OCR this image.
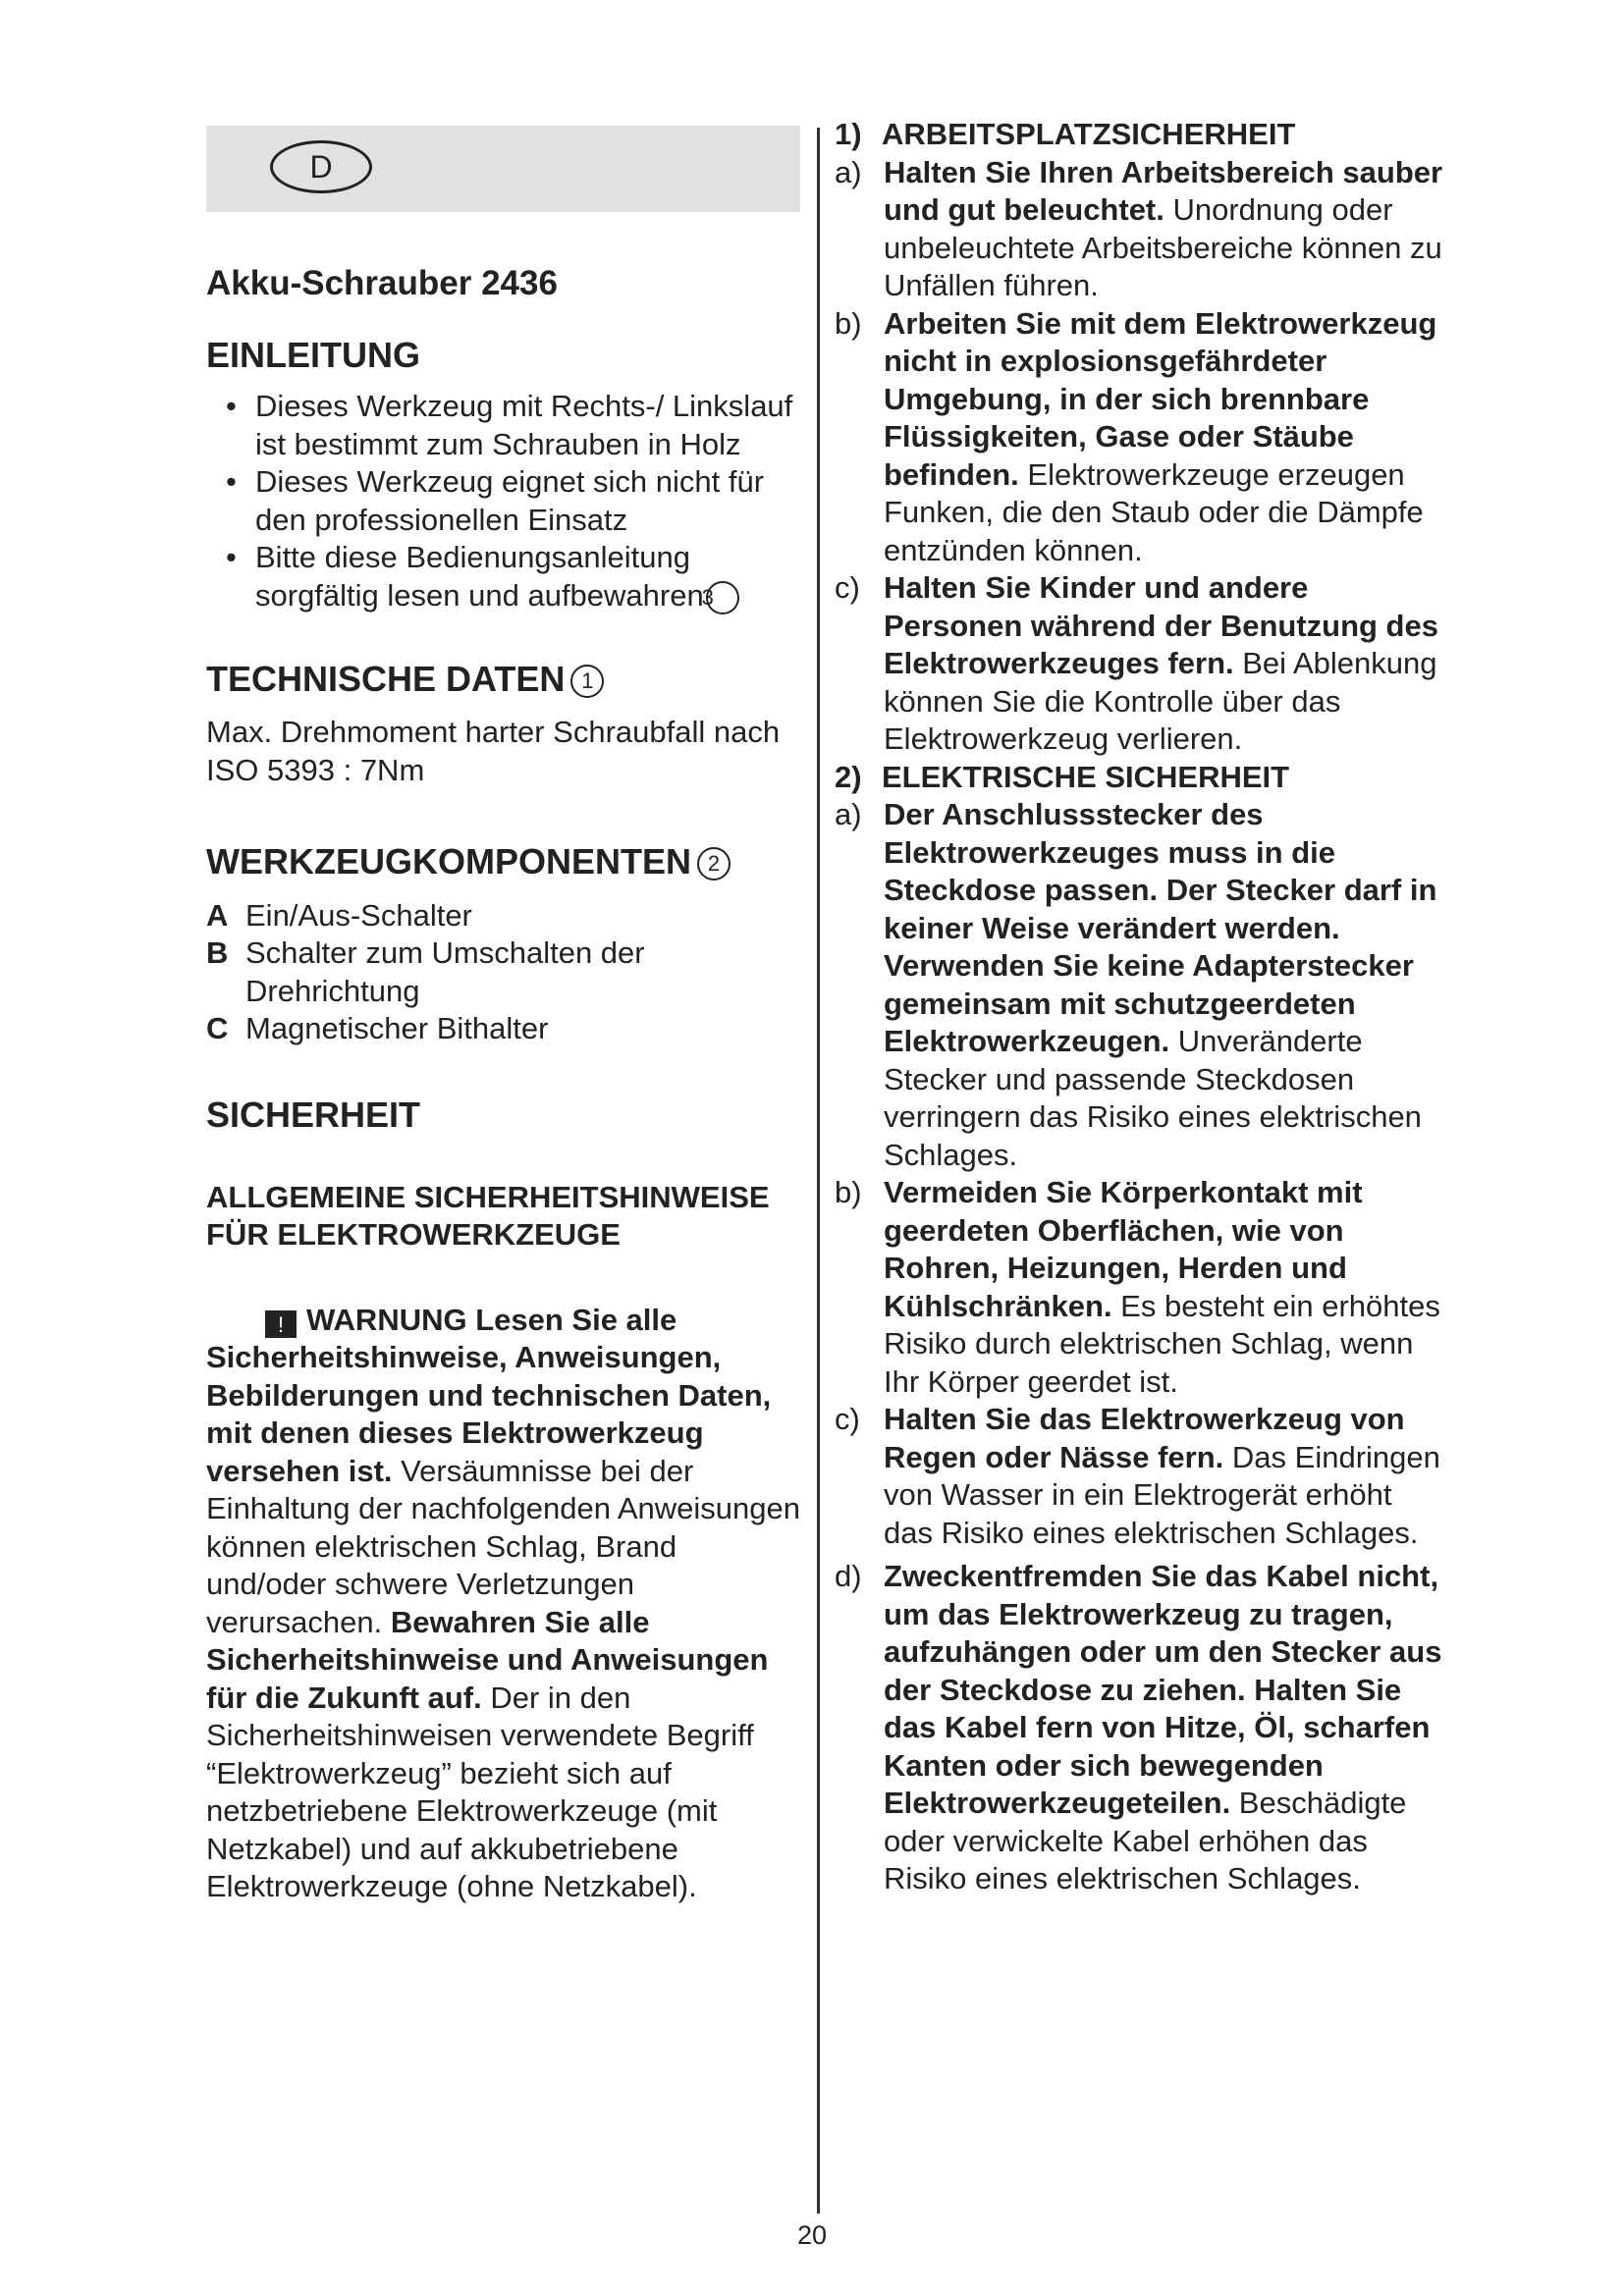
D
Akku-Schrauber 2436
EINLEITUNG
• Dieses Werkzeug mit Rechts-/ Linkslauf ist bestimmt zum Schrauben in Holz
• Dieses Werkzeug eignet sich nicht für den professionellen Einsatz
• Bitte diese Bedienungsanleitung sorgfältig lesen und aufbewahren3
TECHNISCHE DATEN 1
Max. Drehmoment harter Schraubfall nach ISO 5393 : 7Nm
WERKZEUGKOMPONENTEN 2
A Ein/Aus-Schalter
B Schalter zum Umschalten der Drehrichtung
C Magnetischer Bithalter
SICHERHEIT
ALLGEMEINE SICHERHEITSHINWEISE FÜR ELEKTROWERKZEUGE
! WARNUNG Lesen Sie alle Sicherheitshinweise, Anweisungen, Bebilderungen und technischen Daten, mit denen dieses Elektrowerkzeug versehen ist. Versäumnisse bei der Einhaltung der nachfolgenden Anweisungen können elektrischen Schlag, Brand und/oder schwere Verletzungen verursachen. Bewahren Sie alle Sicherheitshinweise und Anweisungen für die Zukunft auf. Der in den Sicherheitshinweisen verwendete Begriff “Elektrowerkzeug” bezieht sich auf netzbetriebene Elektrowerkzeuge (mit Netzkabel) und auf akkubetriebene Elektrowerkzeuge (ohne Netzkabel).
1) ARBEITSPLATZSICHERHEIT
a) Halten Sie Ihren Arbeitsbereich sauber und gut beleuchtet. Unordnung oder unbeleuchtete Arbeitsbereiche können zu Unfällen führen.
b) Arbeiten Sie mit dem Elektrowerkzeug nicht in explosionsgefährdeter Umgebung, in der sich brennbare Flüssigkeiten, Gase oder Stäube befinden. Elektrowerkzeuge erzeugen Funken, die den Staub oder die Dämpfe entzünden können.
c) Halten Sie Kinder und andere Personen während der Benutzung des Elektrowerkzeuges fern. Bei Ablenkung können Sie die Kontrolle über das Elektrowerkzeug verlieren.
2) ELEKTRISCHE SICHERHEIT
a) Der Anschlussstecker des Elektrowerkzeuges muss in die Steckdose passen. Der Stecker darf in keiner Weise verändert werden. Verwenden Sie keine Adapterstecker gemeinsam mit schutzgeerdeten Elektrowerkzeugen. Unveränderte Stecker und passende Steckdosen verringern das Risiko eines elektrischen Schlages.
b) Vermeiden Sie Körperkontakt mit geerdeten Oberflächen, wie von Rohren, Heizungen, Herden und Kühlschränken. Es besteht ein erhöhtes Risiko durch elektrischen Schlag, wenn Ihr Körper geerdet ist.
c) Halten Sie das Elektrowerkzeug von Regen oder Nässe fern. Das Eindringen von Wasser in ein Elektrogerät erhöht das Risiko eines elektrischen Schlages.
d) Zweckentfremden Sie das Kabel nicht, um das Elektrowerkzeug zu tragen, aufzuhängen oder um den Stecker aus der Steckdose zu ziehen. Halten Sie das Kabel fern von Hitze, Öl, scharfen Kanten oder sich bewegenden Elektrowerkzeugeteilen. Beschädigte oder verwickelte Kabel erhöhen das Risiko eines elektrischen Schlages.
20
